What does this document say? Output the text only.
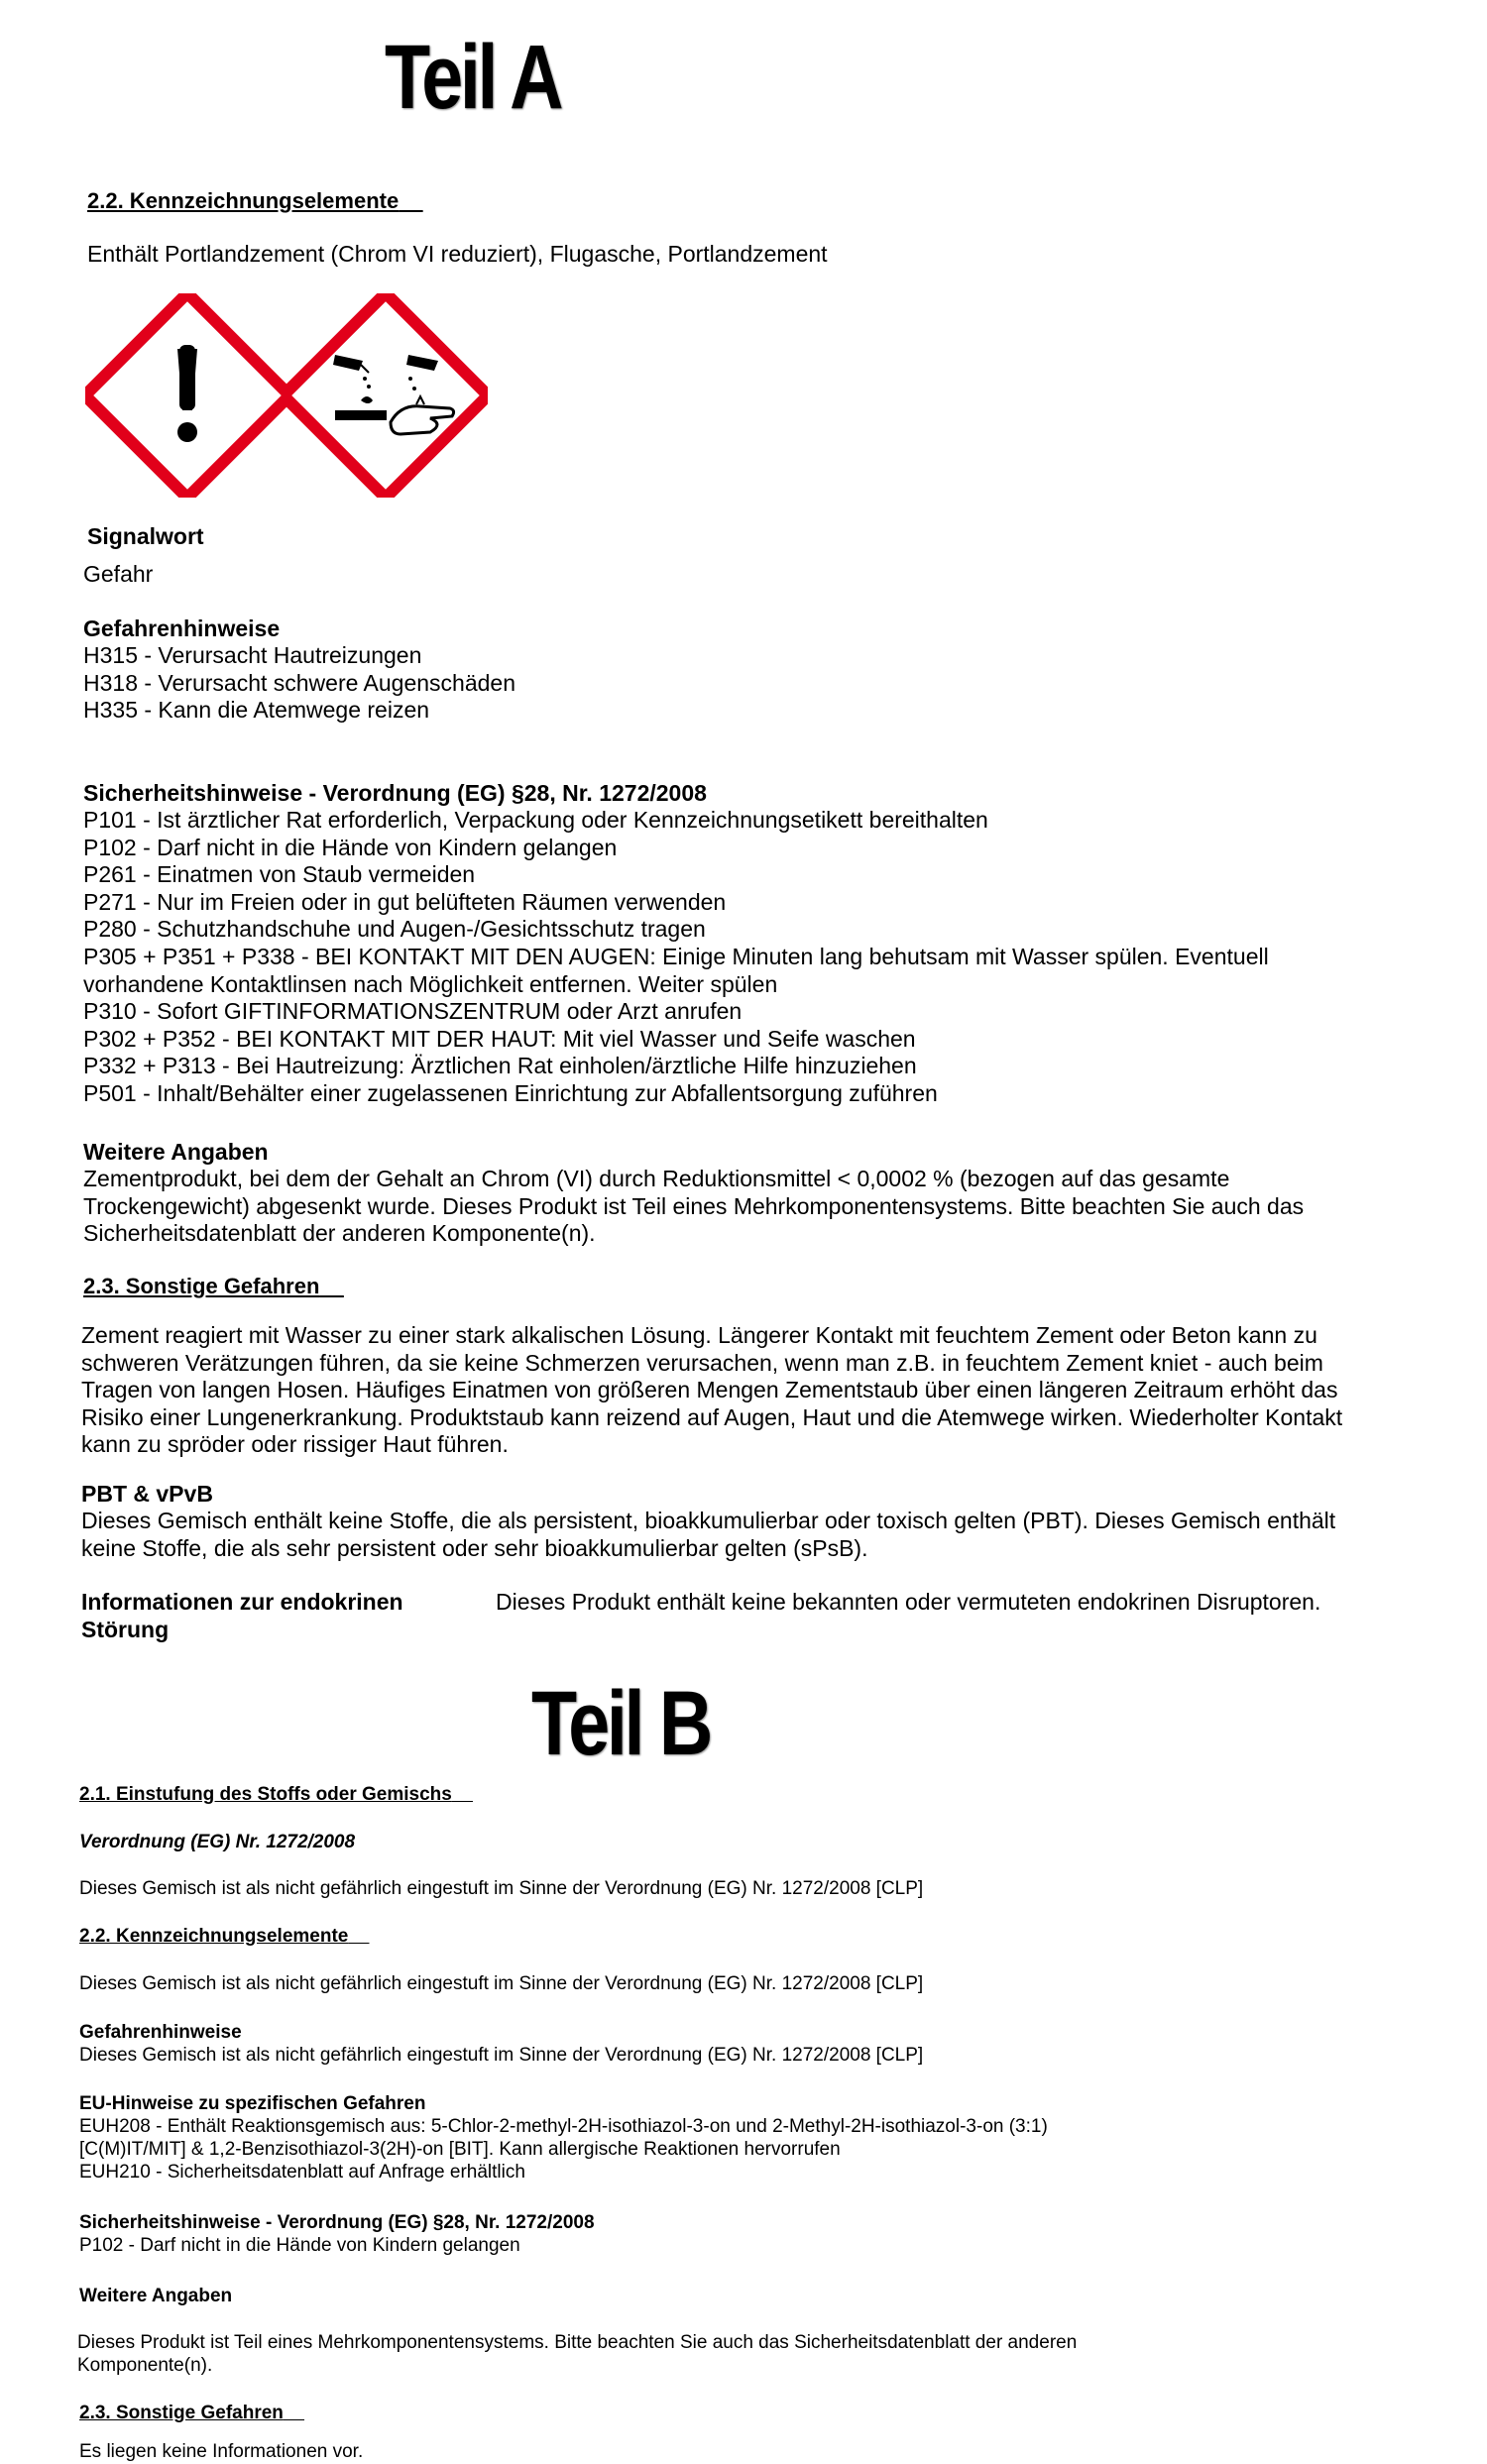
Teil A
2.2. Kennzeichnungselemente
Enthält Portlandzement (Chrom VI reduziert), Flugasche, Portlandzement
Signalwort
Gefahr
Gefahrenhinweise
H315 - Verursacht Hautreizungen
H318 - Verursacht schwere Augenschäden
H335 - Kann die Atemwege reizen
Sicherheitshinweise - Verordnung (EG) §28, Nr. 1272/2008
P101 - Ist ärztlicher Rat erforderlich, Verpackung oder Kennzeichnungsetikett bereithalten
P102 - Darf nicht in die Hände von Kindern gelangen
P261 - Einatmen von Staub vermeiden
P271 - Nur im Freien oder in gut belüfteten Räumen verwenden
P280 - Schutzhandschuhe und Augen-/Gesichtsschutz tragen
P305 + P351 + P338 - BEI KONTAKT MIT DEN AUGEN: Einige Minuten lang behutsam mit Wasser spülen. Eventuell
vorhandene Kontaktlinsen nach Möglichkeit entfernen. Weiter spülen
P310 - Sofort GIFTINFORMATIONSZENTRUM oder Arzt anrufen
P302 + P352 - BEI KONTAKT MIT DER HAUT: Mit viel Wasser und Seife waschen
P332 + P313 - Bei Hautreizung: Ärztlichen Rat einholen/ärztliche Hilfe hinzuziehen
P501 - Inhalt/Behälter einer zugelassenen Einrichtung zur Abfallentsorgung zuführen
Weitere Angaben
Zementprodukt, bei dem der Gehalt an Chrom (VI) durch Reduktionsmittel < 0,0002 % (bezogen auf das gesamte
Trockengewicht) abgesenkt wurde. Dieses Produkt ist Teil eines Mehrkomponentensystems. Bitte beachten Sie auch das
Sicherheitsdatenblatt der anderen Komponente(n).
2.3. Sonstige Gefahren
Zement reagiert mit Wasser zu einer stark alkalischen Lösung. Längerer Kontakt mit feuchtem Zement oder Beton kann zu
schweren Verätzungen führen, da sie keine Schmerzen verursachen, wenn man z.B. in feuchtem Zement kniet - auch beim
Tragen von langen Hosen. Häufiges Einatmen von größeren Mengen Zementstaub über einen längeren Zeitraum erhöht das
Risiko einer Lungenerkrankung. Produktstaub kann reizend auf Augen, Haut und die Atemwege wirken. Wiederholter Kontakt
kann zu spröder oder rissiger Haut führen.
PBT & vPvB
Dieses Gemisch enthält keine Stoffe, die als persistent, bioakkumulierbar oder toxisch gelten (PBT). Dieses Gemisch enthält
keine Stoffe, die als sehr persistent oder sehr bioakkumulierbar gelten (sPsB).
Informationen zur endokrinen
Störung
Dieses Produkt enthält keine bekannten oder vermuteten endokrinen Disruptoren.
Teil B
2.1. Einstufung des Stoffs oder Gemischs
Verordnung (EG) Nr. 1272/2008
Dieses Gemisch ist als nicht gefährlich eingestuft im Sinne der Verordnung (EG) Nr. 1272/2008 [CLP]
2.2. Kennzeichnungselemente
Dieses Gemisch ist als nicht gefährlich eingestuft im Sinne der Verordnung (EG) Nr. 1272/2008 [CLP]
Gefahrenhinweise
Dieses Gemisch ist als nicht gefährlich eingestuft im Sinne der Verordnung (EG) Nr. 1272/2008 [CLP]
EU-Hinweise zu spezifischen Gefahren
EUH208 - Enthält Reaktionsgemisch aus: 5-Chlor-2-methyl-2H-isothiazol-3-on und 2-Methyl-2H-isothiazol-3-on (3:1)
[C(M)IT/MIT] & 1,2-Benzisothiazol-3(2H)-on [BIT]. Kann allergische Reaktionen hervorrufen
EUH210 - Sicherheitsdatenblatt auf Anfrage erhältlich
Sicherheitshinweise - Verordnung (EG) §28, Nr. 1272/2008
P102 - Darf nicht in die Hände von Kindern gelangen
Weitere Angaben
Dieses Produkt ist Teil eines Mehrkomponentensystems. Bitte beachten Sie auch das Sicherheitsdatenblatt der anderen
Komponente(n).
2.3. Sonstige Gefahren
Es liegen keine Informationen vor.
